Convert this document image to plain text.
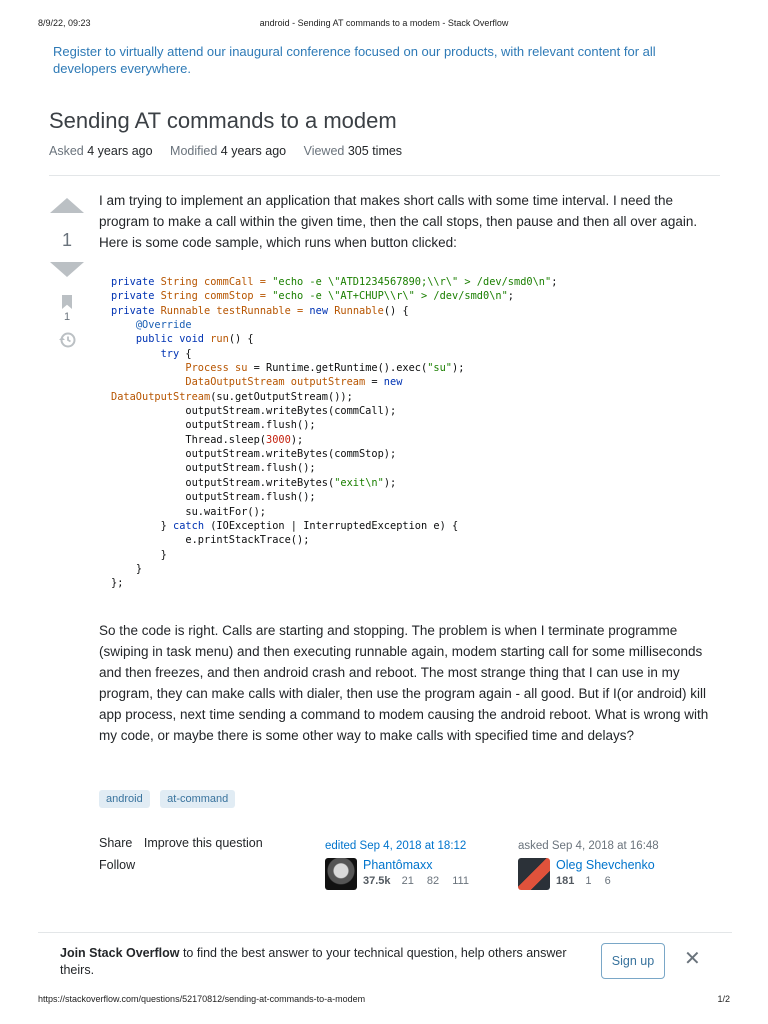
8/9/22, 09:23	android - Sending AT commands to a modem - Stack Overflow
Register to virtually attend our inaugural conference focused on our products, with relevant content for all developers everywhere.
Sending AT commands to a modem
Asked 4 years ago Modified 4 years ago Viewed 305 times
1
1

I am trying to implement an application that makes short calls with some time interval. I need the program to make a call within the given time, then the call stops, then pause and then all over again. Here is some code sample, which runs when button clicked:

private String commCall = "echo -e \"ATD1234567890;\\r\" > /dev/smd0\n";
private String commStop = "echo -e \"AT+CHUP\\r\" > /dev/smd0\n";
private Runnable testRunnable = new Runnable() {
@Override
public void run() {
try {
Process su = Runtime.getRuntime().exec("su");
DataOutputStream outputStream = new
DataOutputStream(su.getOutputStream());
outputStream.writeBytes(commCall);
outputStream.flush();
Thread.sleep(3000);
outputStream.writeBytes(commStop);
outputStream.flush();
outputStream.writeBytes("exit\n");
outputStream.flush();
su.waitFor();
} catch (IOException | InterruptedException e) {
e.printStackTrace();
}
}
};

So the code is right. Calls are starting and stopping. The problem is when I terminate programme (swiping in task menu) and then executing runnable again, modem starting call for some milliseconds and then freezes, and then android crash and reboot. The most strange thing that I can use in my program, they can make calls with dialer, then use the program again - all good. But if I(or android) kill app process, next time sending a command to modem causing the android reboot. What is wrong with my code, or maybe there is some other way to make calls with specified time and delays?

android at-command
Share Improve this question
Follow
edited Sep 4, 2018 at 18:12
Phantômaxx
37.5k 21 82 111
asked Sep 4, 2018 at 16:48
Oleg Shevchenko
181 1 6
Join Stack Overflow to find the best answer to your technical question, help others answer theirs.
Sign up	✕
https://stackoverflow.com/questions/52170812/sending-at-commands-to-a-modem	1/2
